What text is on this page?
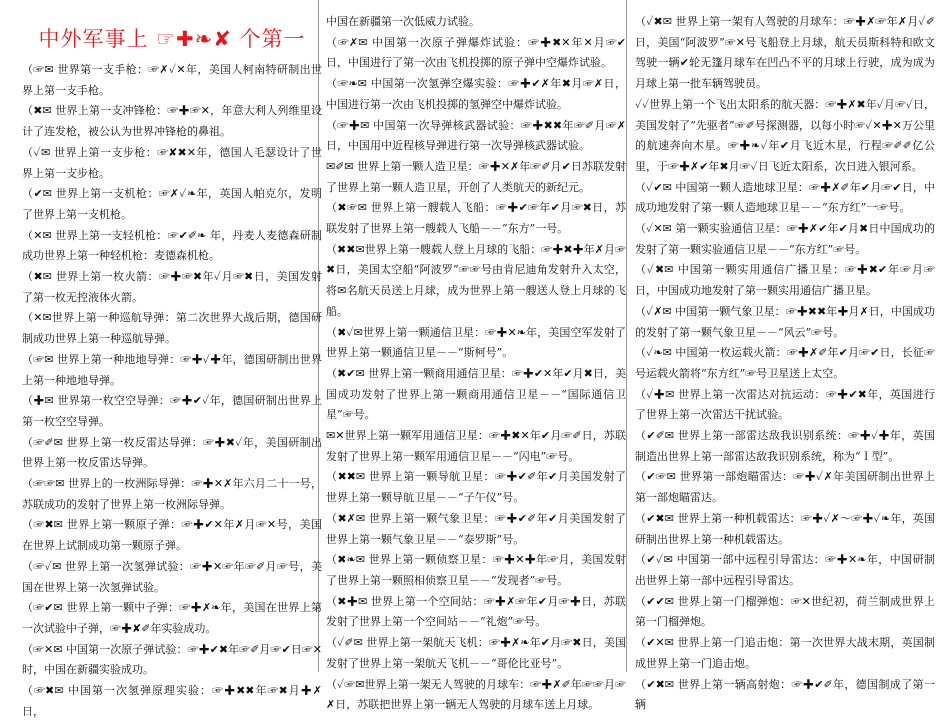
中外军事上 ☞✚❧✘ 个第一

（☞✉ 世界第一支手枪：☞✗✓✕年，美国人柯南特研制出世界上第一支手枪。

（✖✉ 世界上第一支冲锋枪：☞✚☞✕，年意大利人列维里设计了连发枪，被公认为世界冲锋枪的鼻祖。

（✓✉ 世界上第一支步枪：☞✘✖✕年，德国人毛瑟设计了世界上第一支步枪。

（✔✉ 世界上第一支机枪：☞✗✓❧年，英国人帕克尔，发明了世界上第一支机枪。

（✕✉ 世界上第一支轻机枪：☞✔✐❧ 年，丹麦人麦德森研制成功世界上第一种轻机枪：麦德森机枪。

（✖✉ 世界上第一枚火箭：☞✚☞✖年✓月☞✖日，美国发射了第一枚无控液体火箭。

（✕✉世界上第一种巡航导弹：第二次世界大战后期，德国研制成功世界上第一种巡航导弹。

（☞✉ 世界上第一种地地导弹：☞✚✓✚年，德国研制出世界上第一种地地导弹。

（✚✉ 世界第一枚空空导弹：☞✚✔✓年，德国研制出世界上第一枚空空导弹。

（☞✐✉ 世界上第一枚反雷达导弹：☞✚✖✓年，美国研制出世界上第一枚反雷达导弹。

（☞☞✉ 世界上的一枚洲际导弹：☞✚✕✗年六月二十一号，苏联成功的发射了世界上第一枚洲际导弹。

（☞✖✉ 世界上第一颗原子弹：☞✚✔✕年✗月☞✕号，美国在世界上试制成功第一颗原子弹。

（☞✓✉ 世界上第一次氢弹试验：☞✚✕☞年☞✐月☞号，美国在世界上第一次氢弹试验。

（☞✔✉ 世界上第一颗中子弹：☞✚✗❧年，美国在世界上第一次试验中子弹，☞✚✘✐年实验成功。

（☞✕✉ 中国第一次原子弹试验：☞✚✔✖年☞✐月☞✔日☞✕时，中国在新疆实验成功。

（☞✖✉ 中国第一次氢弹原理实验：☞✚✖✖年☞✖月✚✗日，

中国在新疆第一次低威力试验。

（☞✗✉ 中国第一次原子弹爆炸试验：☞✚✖✕年✕月☞✔日，中国进行了第一次由飞机投掷的原子弹中空爆炸试验。

（☞❧✉ 中国第一次氢弹空爆实验：☞✚✔✗年✖月☞✗日，中国进行第一次由飞机投掷的氢弹空中爆炸试验。

（☞✚✉ 中国第一次导弹核武器试验：☞✚✖✖年☞✐月☞✗日，中国用中近程核导弹进行第一次导弹核武器试验。

✉✐✉ 世界上第一颗人造卫星：☞✚✕✗年☞✐月✔日苏联发射了世界上第一颗人造卫星，开创了人类航天的新纪元。

（✖☞✉ 世界上第一艘载人飞船：☞✚✔☞年✔月☞✖日，苏联发射了世界上第一艘载人飞船－－“东方”一号。

（✖✖✉世界上第一艘载人登上月球的飞船：☞✚✖✚年✗月☞✖日，美国太空船“阿波罗”☞☞号由肯尼迪角发射升入太空，将✉名航天员送上月球，成为世界上第一艘送人登上月球的飞船。

（✖✓✉世界上第一颗通信卫星：☞✚✕❧年，美国空军发射了世界上第一颗通信卫星－－“斯柯号”。

（✖✔✉ 世界上第一颗商用通信卫星：☞✚✔✕年✔月✖日，美国成功发射了世界上第一颗商用通信卫星－－“国际通信卫星”☞号。

✉✕世界上第一颗军用通信卫星：☞✚✖✕年✔月☞✐日，苏联发射了世界上第一颗军用通信卫星－－“闪电”☞号。

（✖✖✉ 世界上第一颗导航卫星：☞✚✔✐年✔月美国发射了世界上第一颗导航卫星－－“子午仪”号。

（✖✗✉ 世界上第一颗气象卫星：☞✚✔✐年✔月美国发射了世界上第一颗气象卫星－－“泰罗斯”号。

（✖❧✉ 世界上第一颗侦察卫星：☞✚✕✚年☞月，美国发射了世界上第一颗照相侦察卫星－－“发现者”☞号。

（✖✚✉ 世界上第一个空间站：☞✚✗☞年✔月☞✚日，苏联发射了世界上第一个空间站－－“礼炮”☞号。

（✓✐✉ 世界上第一架航天飞机：☞✚✗❧年✔月☞✖日，美国发射了世界上第一架航天飞机－－“哥伦比亚号”。

（✓☞✉世界上第一架无人驾驶的月球车：☞✚✗✐年☞☞月☞✗日，苏联把世界上第一辆无人驾驶的月球车送上月球。

（✓✖✉ 世界上第一架有人驾驶的月球车：☞✚✗☞年✗月✓✐日，美国“阿波罗”☞✕号飞船登上月球，航天员斯科特和欧文驾驶一辆✔轮无篷月球车在凹凸不平的月球上行驶，成为成为月球上第一批车辆驾驶员。

✓✓世界上第一个飞出太阳系的航天器：☞✚✗✖年✓月☞✓日，美国发射了“先驱者”☞✐号探测器，以每小时☞✓✕✚✕万公里的航速奔向木星。☞✚❧✓年✔月飞近木星，行程☞✐✐亿公里，于☞✚✗✔年✖月☞✓日飞近太阳系，次日进入银河系。

（✓✔✉ 中国第一颗人造地球卫星：☞✚✗✐年✔月☞✔日，中成功地发射了第一颗人造地球卫星－－“东方红”一☞号。

（✓✕✉ 第一颗实验通信卫星：☞✚✗✔年✔月✖日中国成功的发射了第一颗实验通信卫星－－“东方红”☞号。

（✓✖✉ 中国第一颗实用通信广播卫星：☞✚✖✔年☞月☞日，中国成功地发射了第一颗实用通信广播卫星。

（✓✗✉ 中国第一颗气象卫星：☞✚✖✖年✚月✗日，中国成功的发射了第一颗气象卫星－－“风云”☞号。

（✓❧✉ 中国第一枚运载火箭：☞✚✗✐年✔月☞✔日，长征☞号运载火箭将“东方红”☞号卫星送上太空。

（✓✚✉ 世界上第一次雷达对抗运动：☞✚✔✖年，英国进行了世界上第一次雷达干扰试验。

（✔✐✉ 世界上第一部雷达敌我识别系统：☞✚✓✚年，英国制造出世界上第一部雷达敌我识别系统，称为“Ｉ型”。

（✔☞✉ 世界第一部炮瞄雷达：☞✚✓✗年美国研制出世界上第一部炮瞄雷达。

（✔✖✉ 世界上第一种机载雷达：☞✚✓✗～☞✚✓❧年，英国研制出世界上第一种机载雷达。

（✔✓✉ 中国第一部中远程引导雷达：☞✚✕❧年，中国研制出世界上第一部中远程引导雷达。

（✔✔✉ 世界上第一门榴弹炮：☞✕世纪初，荷兰制成世界上第一门榴弹炮。

（✔✕✉ 世界上第一门追击炮：第一次世界大战末期，英国制成世界上第一门追击炮。

（✔✖✉ 世界上第一辆高射炮：☞✚✔✐年，德国制成了第一辆
